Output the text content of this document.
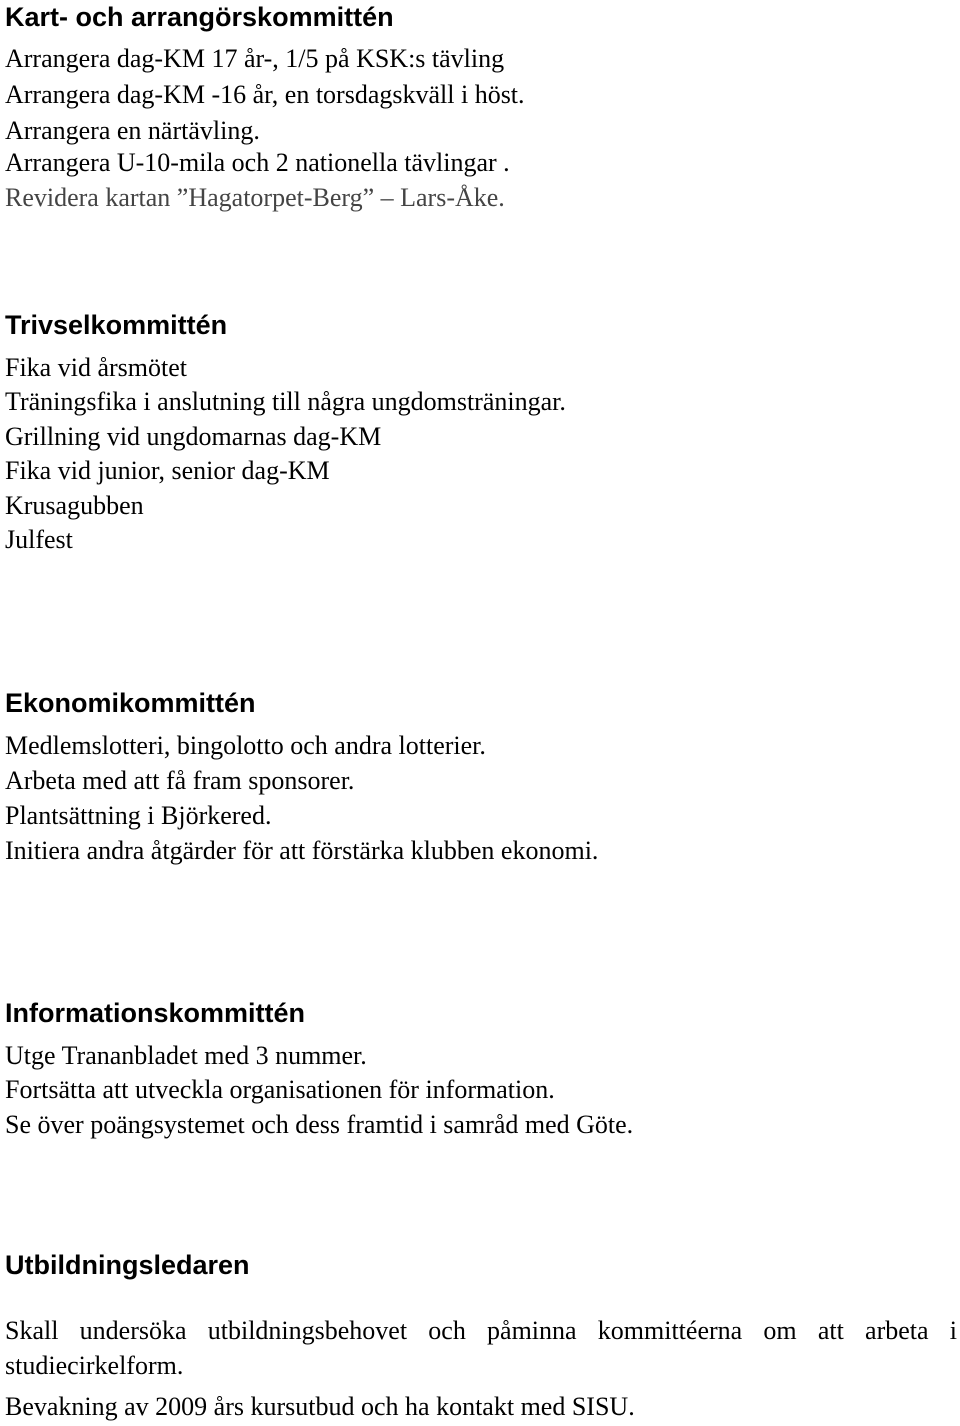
Kart- och arrangörskommittén
Arrangera dag-KM 17 år-, 1/5 på KSK:s tävling
Arrangera dag-KM -16 år, en torsdagskväll i höst.
Arrangera en närtävling.
Arrangera U-10-mila och 2 nationella tävlingar .
Revidera kartan ”Hagatorpet-Berg” – Lars-Åke.
Trivselkommittén
Fika vid årsmötet
Träningsfika i anslutning till några ungdomsträningar.
Grillning vid ungdomarnas dag-KM
Fika vid junior, senior dag-KM
Krusagubben
Julfest
Ekonomikommittén
Medlemslotteri, bingolotto och andra lotterier.
Arbeta med att få fram sponsorer.
Plantsättning i Björkered.
Initiera andra åtgärder för att förstärka klubben ekonomi.
Informationskommittén
Utge Trananbladet med 3 nummer.
Fortsätta att utveckla organisationen för information.
Se över poängsystemet och dess framtid i samråd med Göte.
Utbildningsledaren
Skall undersöka utbildningsbehovet och påminna kommittéerna om att arbeta i studiecirkelform.
Bevakning av 2009 års kursutbud och ha kontakt med SISU.
